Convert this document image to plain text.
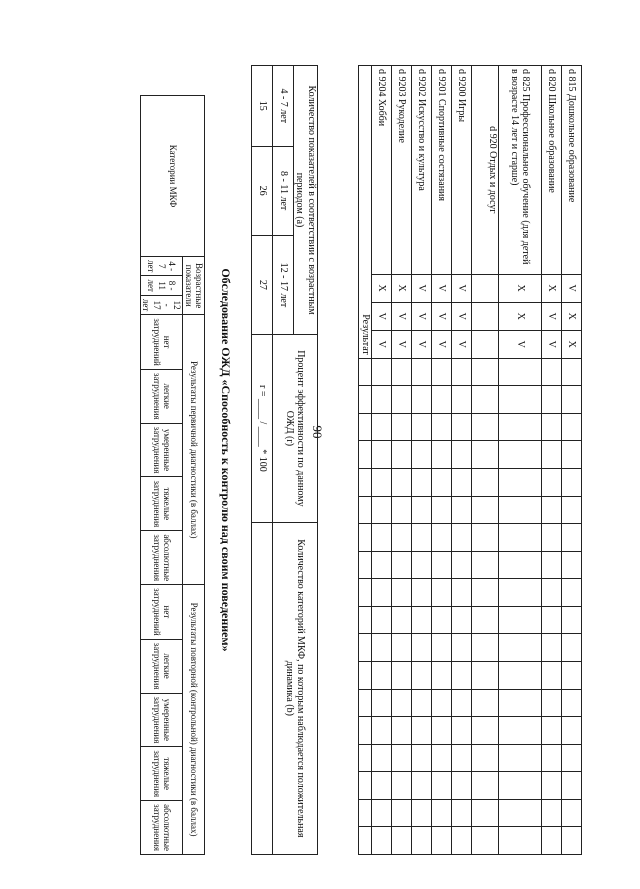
90
d 815 Дошкольное образование	V	X	X																		
d 820 Школьное образование	X	V	V																		
d 825 Профессиональное обучение (для детей в возрасте 14 лет и старше)	X	X	V																		
d 920 Отдых и досуг																					
d 9200 Игры	V	V	V																		
d 9201 Спортивные состязания	V	V	V																		
d 9202 Искусство и культура	V	V	V																		
d 9203 Рукоделие	X	V	V																		
d 9204 Хобби	X	V	V																		
Результат																					
Количество показателей в соответствии с возрастным периодом (a)			Процент эффективности по данному ОЖД (r)	Количество категорий МКФ, по которым наблюдается положительная динамика (b)
4 - 7 лет	8 - 11 лет	12 - 17 лет		
15	26	27	r = ____ / ____ * 100	
Обследование ОЖД «Способность к контролю над своим поведением»
Категории МКФ	Возрастные показатели			Результаты первичной диагностики (в баллах)					Результаты повторной (контрольной) диагностики (в баллах)				
	4 - 7 лет	8 - 11 лет	12 - 17 лет	нет затруднений	легкие затруднения	умеренные затруднения	тяжелые затруднения	абсолютные затруднения	нет затруднений	легкие затруднения	умеренные затруднения	тяжелые затруднения	абсолютные затруднения
